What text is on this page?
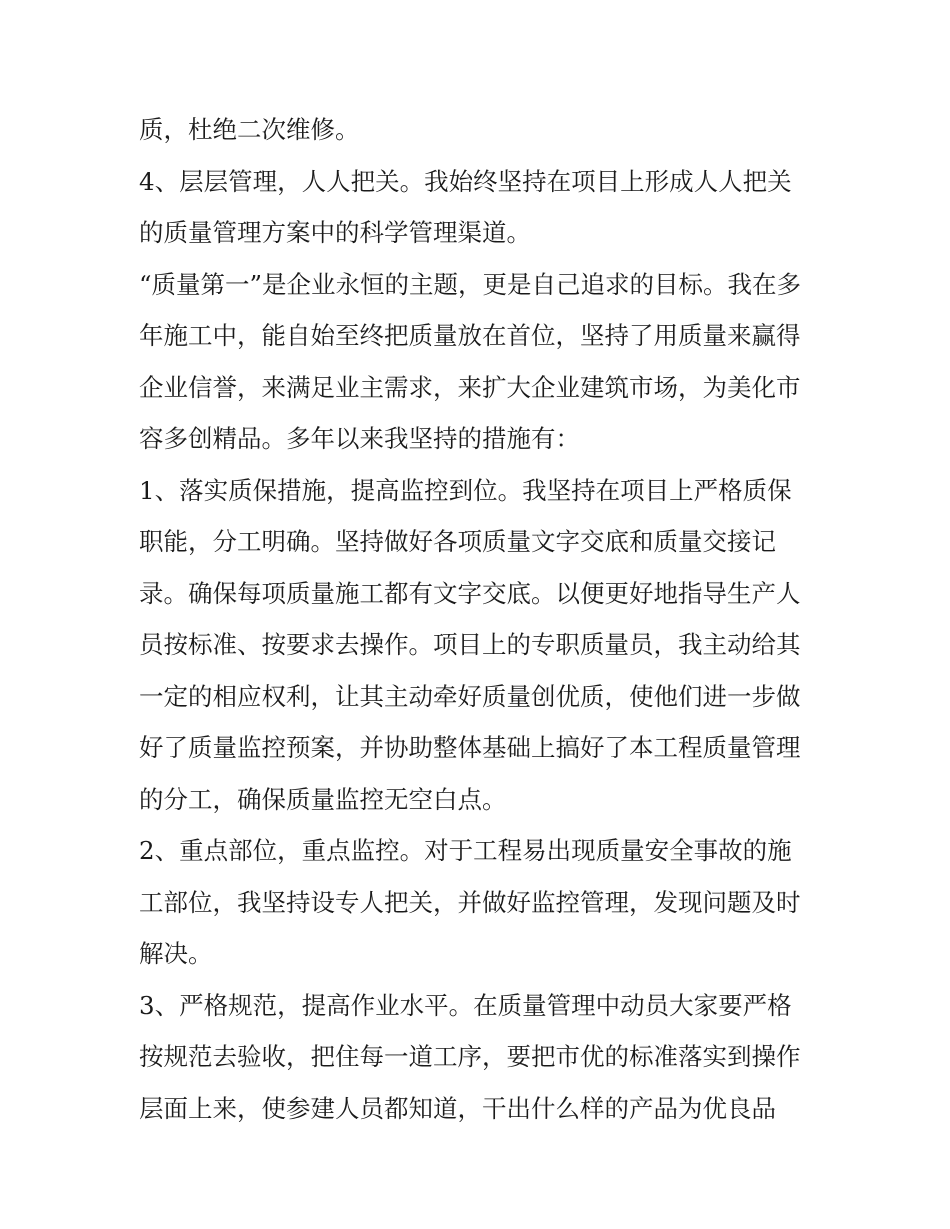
质，杜绝二次维修。
4、层层管理，人人把关。我始终坚持在项目上形成人人把关
的质量管理方案中的科学管理渠道。
“质量第一”是企业永恒的主题，更是自己追求的目标。我在多
年施工中，能自始至终把质量放在首位，坚持了用质量来赢得
企业信誉，来满足业主需求，来扩大企业建筑市场，为美化市
容多创精品。多年以来我坚持的措施有：
1、落实质保措施，提高监控到位。我坚持在项目上严格质保
职能，分工明确。坚持做好各项质量文字交底和质量交接记
录。确保每项质量施工都有文字交底。以便更好地指导生产人
员按标准、按要求去操作。项目上的专职质量员，我主动给其
一定的相应权利，让其主动牵好质量创优质，使他们进一步做
好了质量监控预案，并协助整体基础上搞好了本工程质量管理
的分工，确保质量监控无空白点。
2、重点部位，重点监控。对于工程易出现质量安全事故的施
工部位，我坚持设专人把关，并做好监控管理，发现问题及时
解决。
3、严格规范，提高作业水平。在质量管理中动员大家要严格
按规范去验收，把住每一道工序，要把市优的标准落实到操作
层面上来，使参建人员都知道，干出什么样的产品为优良品
